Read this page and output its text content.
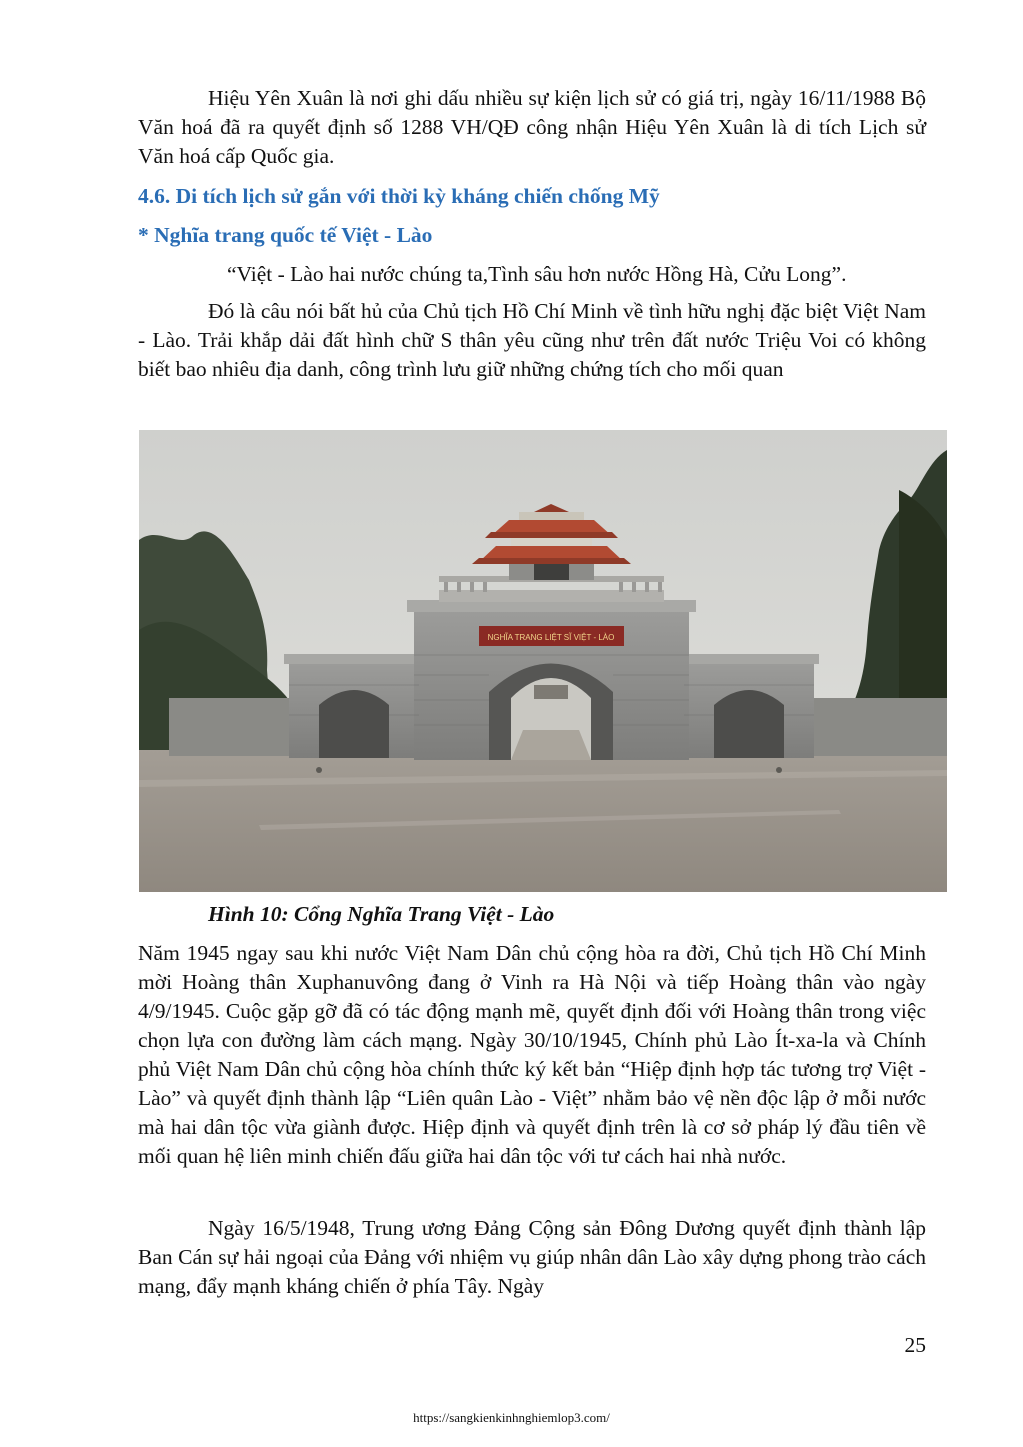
Hiệu Yên Xuân là nơi ghi dấu nhiều sự kiện lịch sử có giá trị, ngày 16/11/1988 Bộ Văn hoá đã ra quyết định số 1288 VH/QĐ công nhận Hiệu Yên Xuân là di tích Lịch sử Văn hoá cấp Quốc gia.

4.6. Di tích lịch sử gắn với thời kỳ kháng chiến chống Mỹ

* Nghĩa trang quốc tế Việt - Lào

“Việt - Lào hai nước chúng ta,Tình sâu hơn nước Hồng Hà, Cửu Long”.

Đó là câu nói bất hủ của Chủ tịch Hồ Chí Minh về tình hữu nghị đặc biệt Việt Nam - Lào. Trải khắp dải đất hình chữ S thân yêu cũng như trên đất nước Triệu Voi có không biết bao nhiêu địa danh, công trình lưu giữ những chứng tích cho mối quan

NGHĨA TRANG LIỆT SĨ VIỆT - LÀO

Hình 10: Cổng Nghĩa Trang Việt - Lào

Năm 1945 ngay sau khi nước Việt Nam Dân chủ cộng hòa ra đời, Chủ tịch Hồ Chí Minh mời Hoàng thân Xuphanuvông đang ở Vinh ra Hà Nội và tiếp Hoàng thân vào ngày 4/9/1945. Cuộc gặp gỡ đã có tác động mạnh mẽ, quyết định đối với Hoàng thân trong việc chọn lựa con đường làm cách mạng. Ngày 30/10/1945, Chính phủ Lào Ít-xa-la và Chính phủ Việt Nam Dân chủ cộng hòa chính thức ký kết bản “Hiệp định hợp tác tương trợ Việt - Lào” và quyết định thành lập “Liên quân Lào - Việt” nhằm bảo vệ nền độc lập ở mỗi nước mà hai dân tộc vừa giành được. Hiệp định và quyết định trên là cơ sở pháp lý đầu tiên về mối quan hệ liên minh chiến đấu giữa hai dân tộc với tư cách hai nhà nước.

Ngày 16/5/1948, Trung ương Đảng Cộng sản Đông Dương quyết định thành lập Ban Cán sự hải ngoại của Đảng với nhiệm vụ giúp nhân dân Lào xây dựng phong trào cách mạng, đẩy mạnh kháng chiến ở phía Tây. Ngày

25

https://sangkienkinhnghiemlop3.com/
